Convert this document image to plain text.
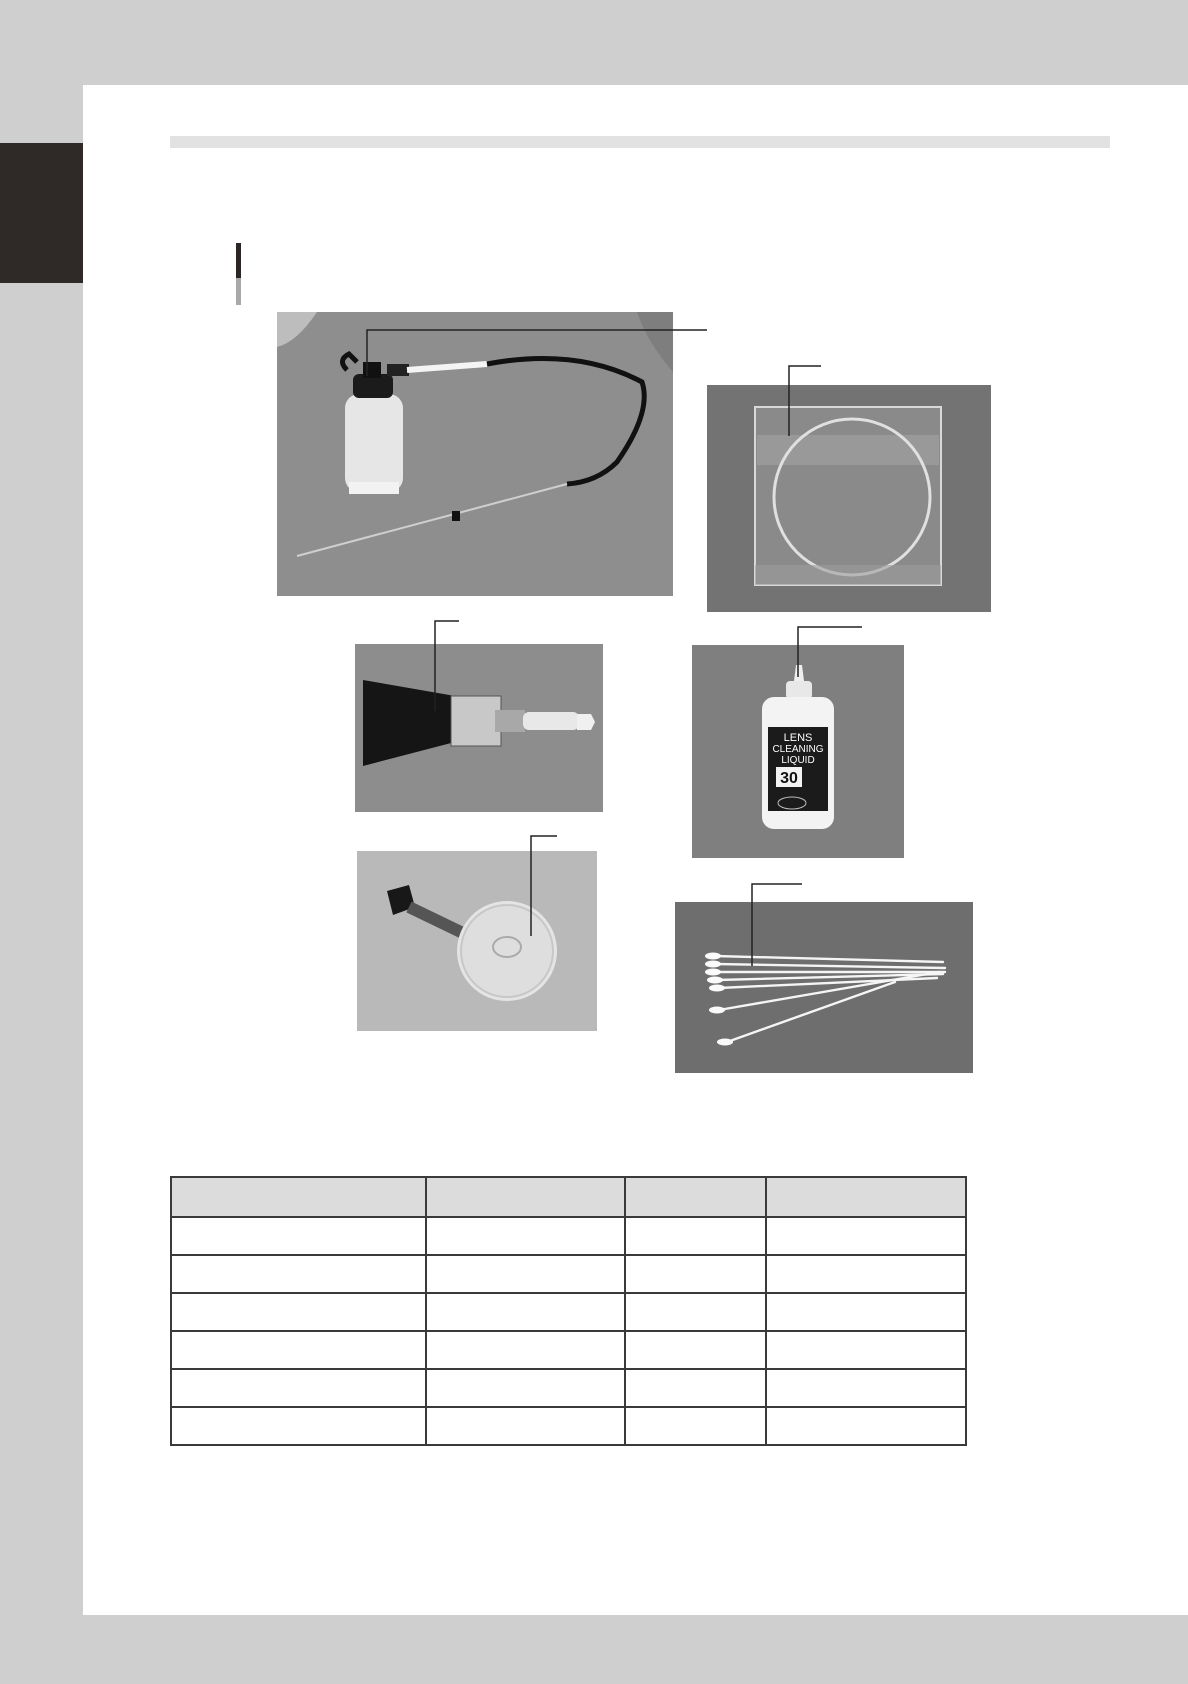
LENS
CLEANING
LIQUID
30
